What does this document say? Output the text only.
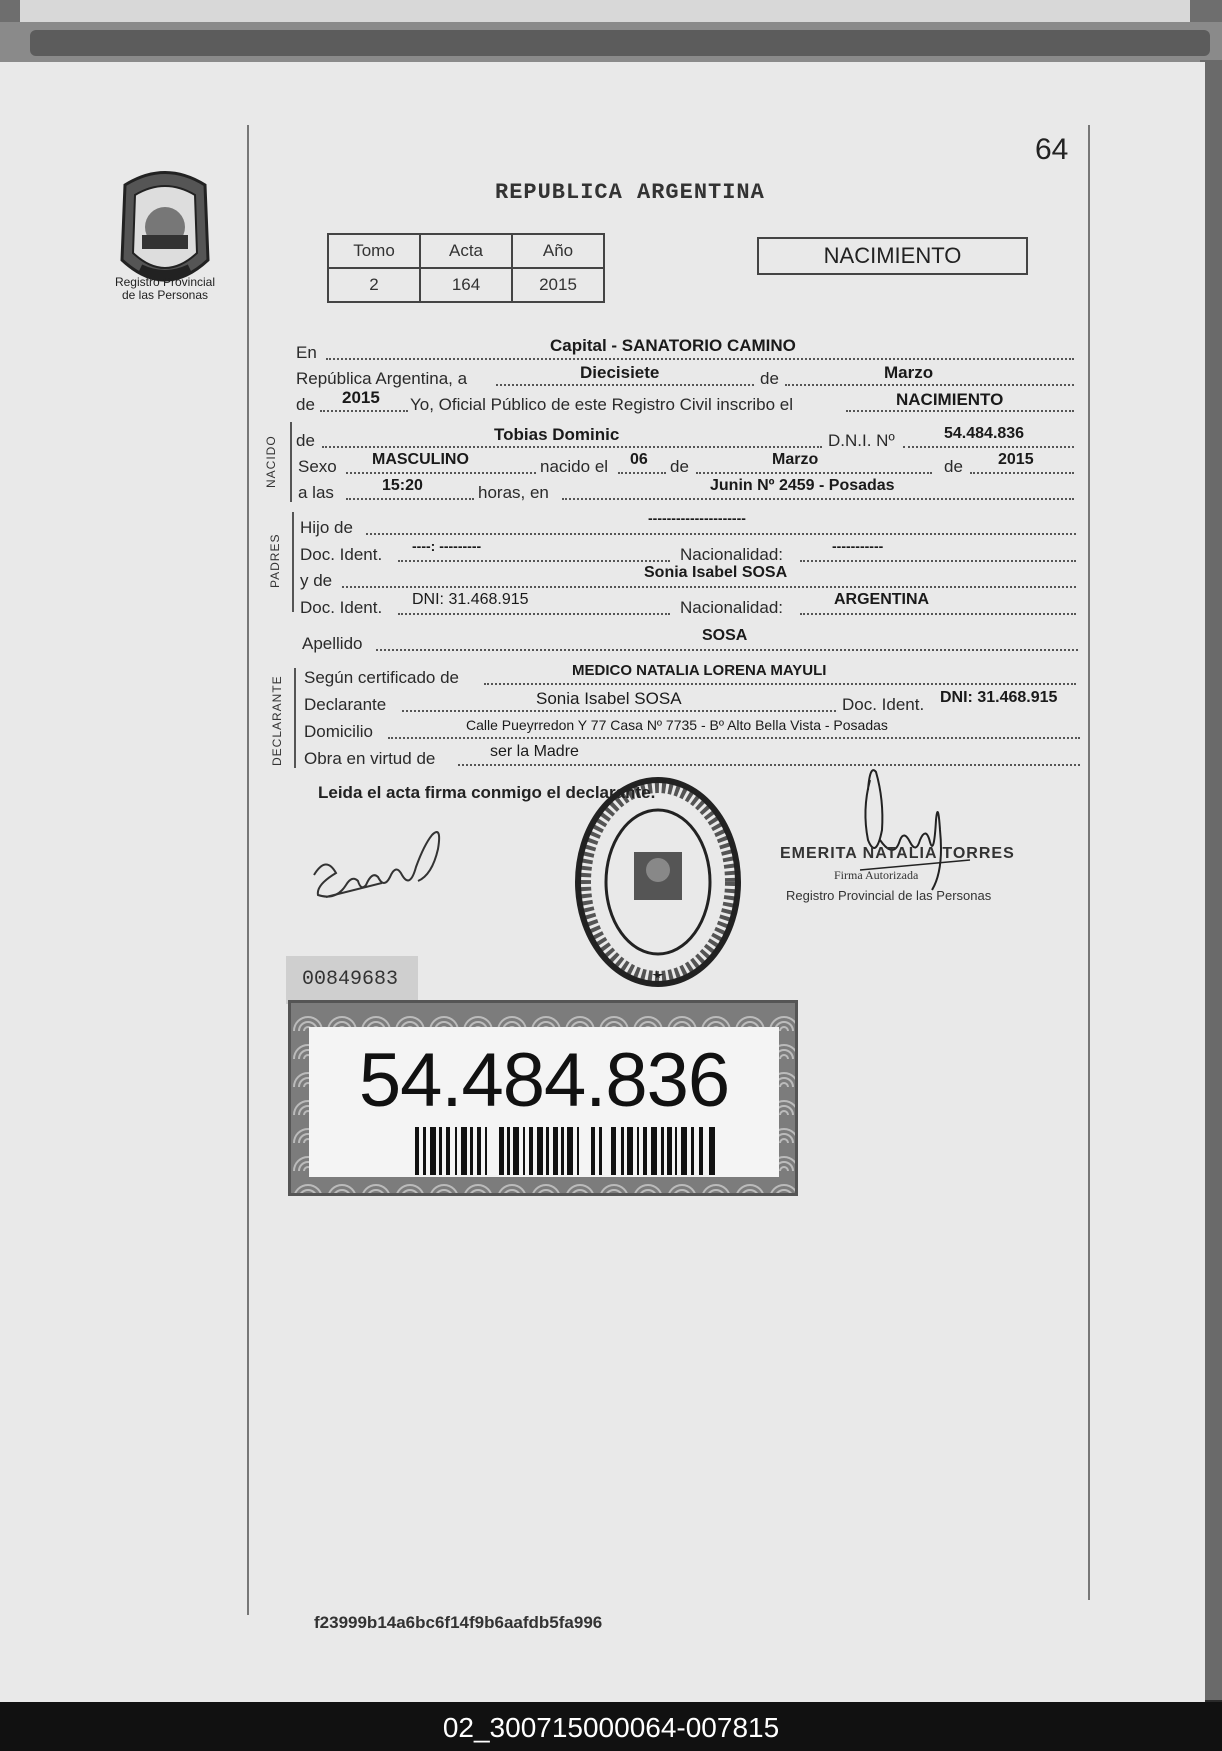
Registro Provincial
de las Personas
64
REPUBLICA ARGENTINA
Tomo	Acta	Año
2	164	2015
NACIMIENTO
En	Capital - SANATORIO CAMINO
República Argentina, a	Diecisiete	de	Marzo
de 2015 Yo, Oficial Público de este Registro Civil inscribo el	NACIMIENTO
NACIDO de	Tobias Dominic	D.N.I. Nº	54.484.836
Sexo MASCULINO	nacido el 06 de	Marzo	de 2015
a las	15:20	horas, en	Junin Nº 2459 - Posadas
PADRES
Hijo de	---------------------
Doc. Ident. ----: ---------	Nacionalidad:	-----------
y de	Sonia Isabel SOSA
Doc. Ident. DNI: 31.468.915	Nacionalidad:	ARGENTINA
Apellido	SOSA
DECLARANTE Según certificado de	MEDICO NATALIA LORENA MAYULI
Declarante	Sonia Isabel SOSA	Doc. Ident. DNI: 31.468.915
Domicilio	Calle Pueyrredon Y 77 Casa Nº 7735 - Bº Alto Bella Vista - Posadas
Obra en virtud de	ser la Madre
Leida el acta firma conmigo el declarante.
EMERITA NATALIA TORRES
Firma Autorizada
Registro Provincial de las Personas
00849683
54.484.836
f23999b14a6bc6f14f9b6aafdb5fa996
02_300715000064-007815
